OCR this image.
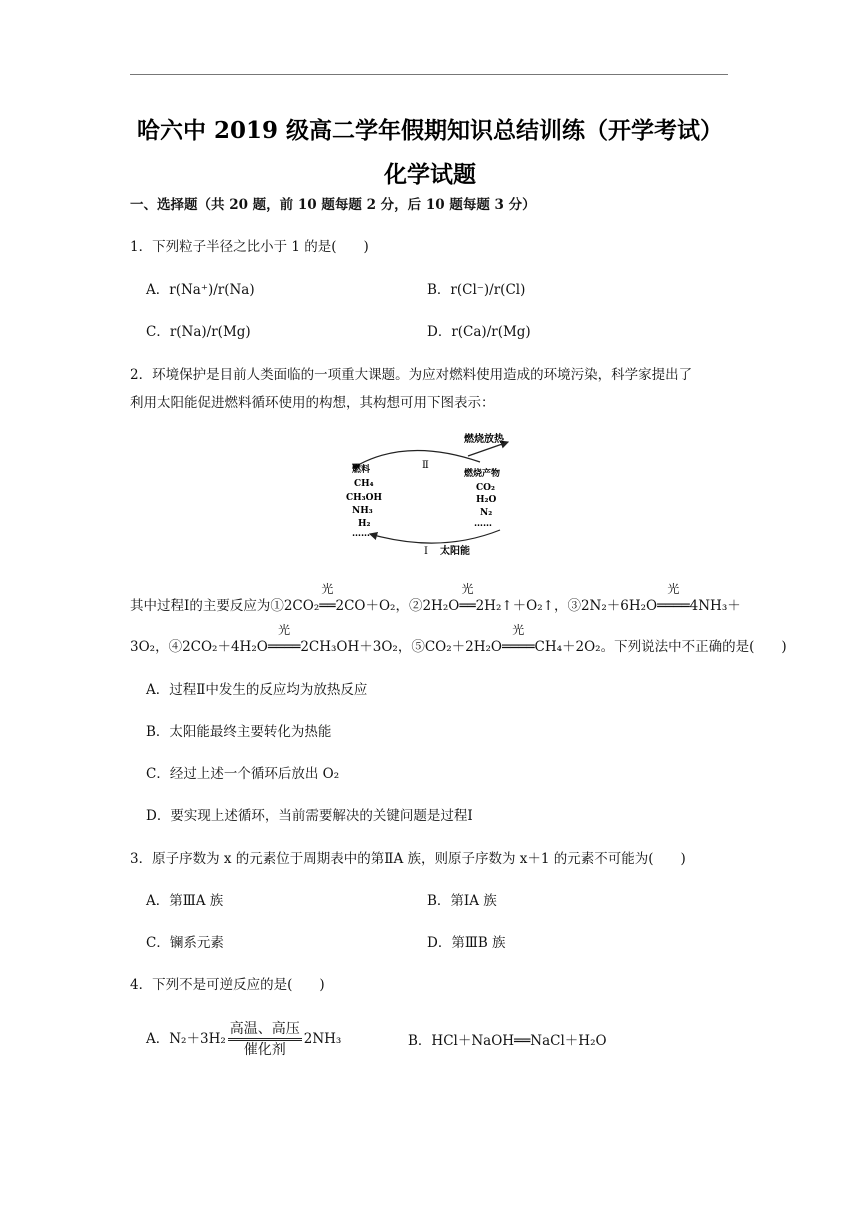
哈六中 2019 级高二学年假期知识总结训练（开学考试）
化学试题
一、选择题（共 20 题，前 10 题每题 2 分，后 10 题每题 3 分）
1．下列粒子半径之比小于 1 的是(　　)
A．r(Na⁺)/r(Na)	B．r(Cl⁻)/r(Cl)
C．r(Na)/r(Mg)	D．r(Ca)/r(Mg)
2．环境保护是目前人类面临的一项重大课题。为应对燃料使用造成的环境污染，科学家提出了
利用太阳能促进燃料循环使用的构想，其构想可用下图表示：
燃烧放热
Ⅱ
Ⅰ 太阳能
燃料
CH₄
CH₃OH
NH₃
H₂
……
燃烧产物
CO₂
H₂O
N₂
……
其中过程Ⅰ的主要反应为①2CO₂
光
══2CO＋O₂，②2H₂O
光
══2H₂↑＋O₂↑，③2N₂＋6H₂O
光
════4NH₃＋
3O₂，④2CO₂＋4H₂O
光
════2CH₃OH＋3O₂，⑤CO₂＋2H₂O
光
════CH₄＋2O₂。下列说法中不正确的是(　　)
A．过程Ⅱ中发生的反应均为放热反应
B．太阳能最终主要转化为热能
C．经过上述一个循环后放出 O₂
D．要实现上述循环，当前需要解决的关键问题是过程Ⅰ
3．原子序数为 x 的元素位于周期表中的第ⅡA 族，则原子序数为 x＋1 的元素不可能为(　　)
A．第ⅢA 族	B．第ⅠA 族
C．镧系元素	D．第ⅢB 族
4．下列不是可逆反应的是(　　)
A．N₂＋3H₂
高温、高压
催化剂
2NH₃	B．HCl＋NaOH══NaCl＋H₂O
